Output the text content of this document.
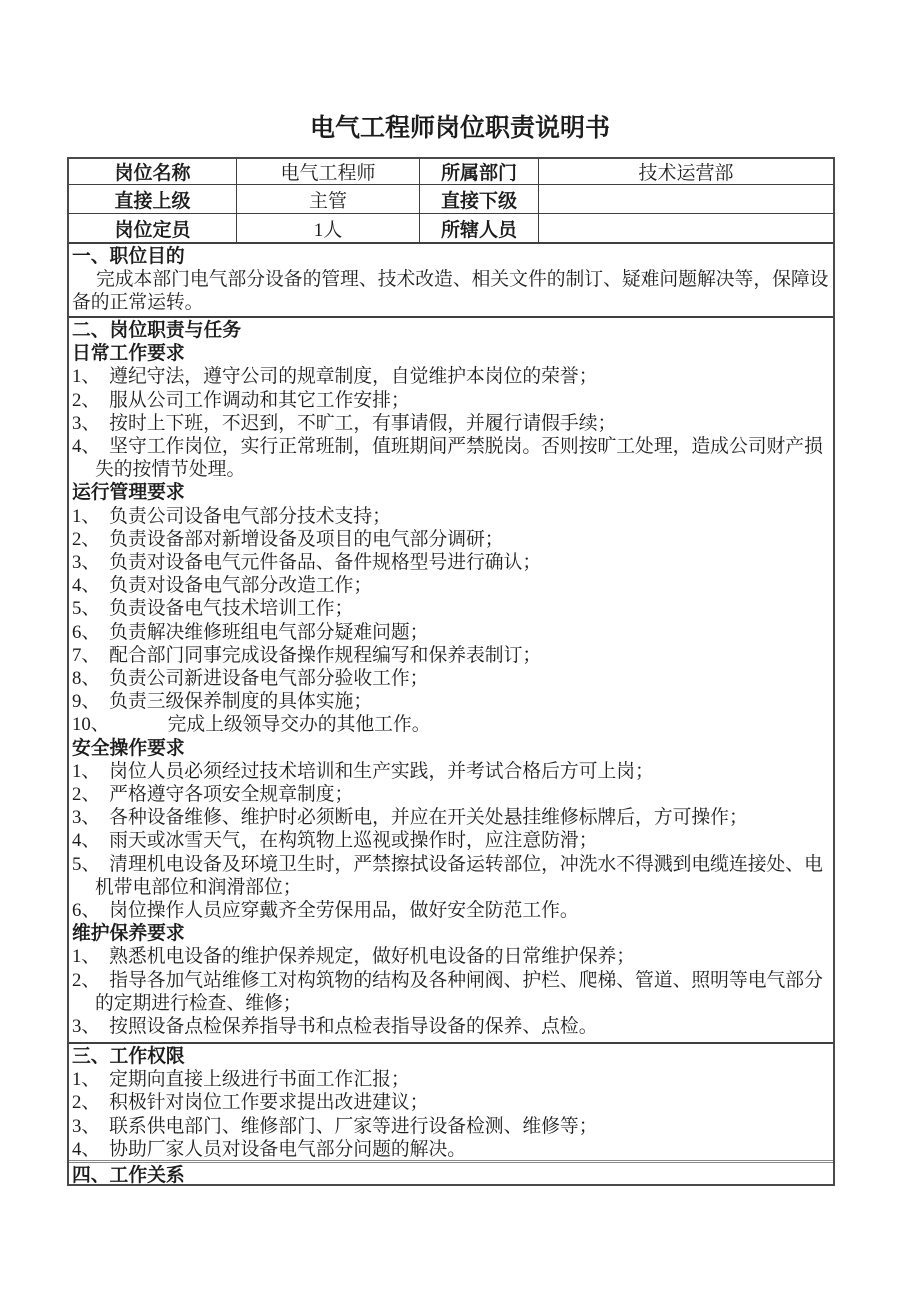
电气工程师岗位职责说明书
岗位名称	电气工程师	所属部门	技术运营部
直接上级	主管	直接下级
岗位定员	1人	所辖人员
一、职位目的
完成本部门电气部分设备的管理、技术改造、相关文件的制订、疑难问题解决等，保障设备的正常运转。
二、岗位职责与任务
日常工作要求
1、 遵纪守法，遵守公司的规章制度，自觉维护本岗位的荣誉；
2、 服从公司工作调动和其它工作安排；
3、 按时上下班，不迟到，不旷工，有事请假，并履行请假手续；
4、 坚守工作岗位，实行正常班制，值班期间严禁脱岗。否则按旷工处理，造成公司财产损失的按情节处理。
运行管理要求
1、 负责公司设备电气部分技术支持；
2、 负责设备部对新增设备及项目的电气部分调研；
3、 负责对设备电气元件备品、备件规格型号进行确认；
4、 负责对设备电气部分改造工作；
5、 负责设备电气技术培训工作；
6、 负责解决维修班组电气部分疑难问题；
7、 配合部门同事完成设备操作规程编写和保养表制订；
8、 负责公司新进设备电气部分验收工作；
9、 负责三级保养制度的具体实施；
10、	完成上级领导交办的其他工作。
安全操作要求
1、 岗位人员必须经过技术培训和生产实践，并考试合格后方可上岗；
2、 严格遵守各项安全规章制度；
3、 各种设备维修、维护时必须断电，并应在开关处悬挂维修标牌后，方可操作；
4、 雨天或冰雪天气，在构筑物上巡视或操作时，应注意防滑；
5、 清理机电设备及环境卫生时，严禁擦拭设备运转部位，冲洗水不得溅到电缆连接处、电机带电部位和润滑部位；
6、 岗位操作人员应穿戴齐全劳保用品，做好安全防范工作。
维护保养要求
1、 熟悉机电设备的维护保养规定，做好机电设备的日常维护保养；
2、 指导各加气站维修工对构筑物的结构及各种闸阀、护栏、爬梯、管道、照明等电气部分的定期进行检查、维修；
3、 按照设备点检保养指导书和点检表指导设备的保养、点检。
三、工作权限
1、 定期向直接上级进行书面工作汇报；
2、 积极针对岗位工作要求提出改进建议；
3、 联系供电部门、维修部门、厂家等进行设备检测、维修等；
4、 协助厂家人员对设备电气部分问题的解决。
四、工作关系
